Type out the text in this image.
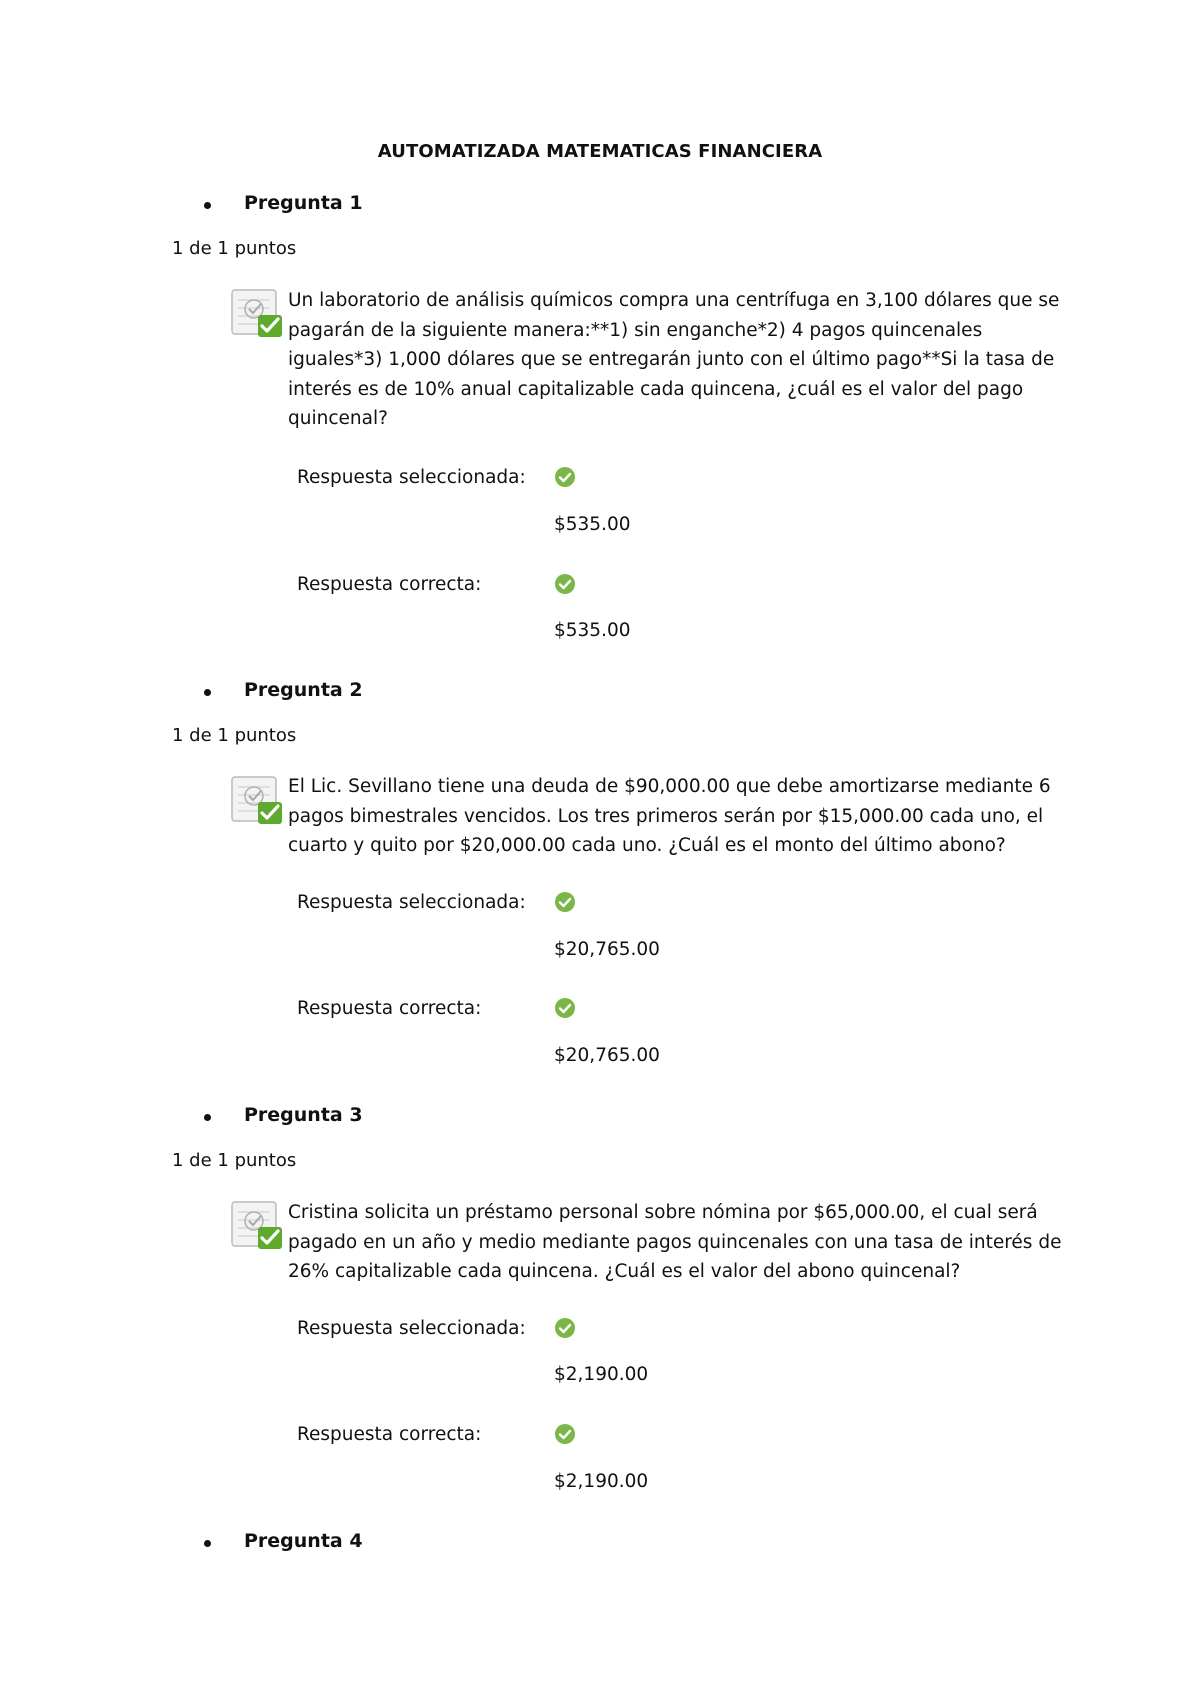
AUTOMATIZADA MATEMATICAS FINANCIERA
Pregunta 1
1 de 1 puntos
Un laboratorio de análisis químicos compra una centrífuga en 3,100 dólares que se pagarán de la siguiente manera:**1) sin enganche*2) 4 pagos quincenales iguales*3) 1,000 dólares que se entregarán junto con el último pago**Si la tasa de interés es de 10% anual capitalizable cada quincena, ¿cuál es el valor del pago quincenal?
Respuesta seleccionada:
$535.00
Respuesta correcta:
$535.00
Pregunta 2
1 de 1 puntos
El Lic. Sevillano tiene una deuda de $90,000.00 que debe amortizarse mediante 6 pagos bimestrales vencidos. Los tres primeros serán por $15,000.00 cada uno, el cuarto y quito por $20,000.00 cada uno. ¿Cuál es el monto del último abono?
Respuesta seleccionada:
$20,765.00
Respuesta correcta:
$20,765.00
Pregunta 3
1 de 1 puntos
Cristina solicita un préstamo personal sobre nómina por $65,000.00, el cual será pagado en un año y medio mediante pagos quincenales con una tasa de interés de 26% capitalizable cada quincena. ¿Cuál es el valor del abono quincenal?
Respuesta seleccionada:
$2,190.00
Respuesta correcta:
$2,190.00
Pregunta 4
